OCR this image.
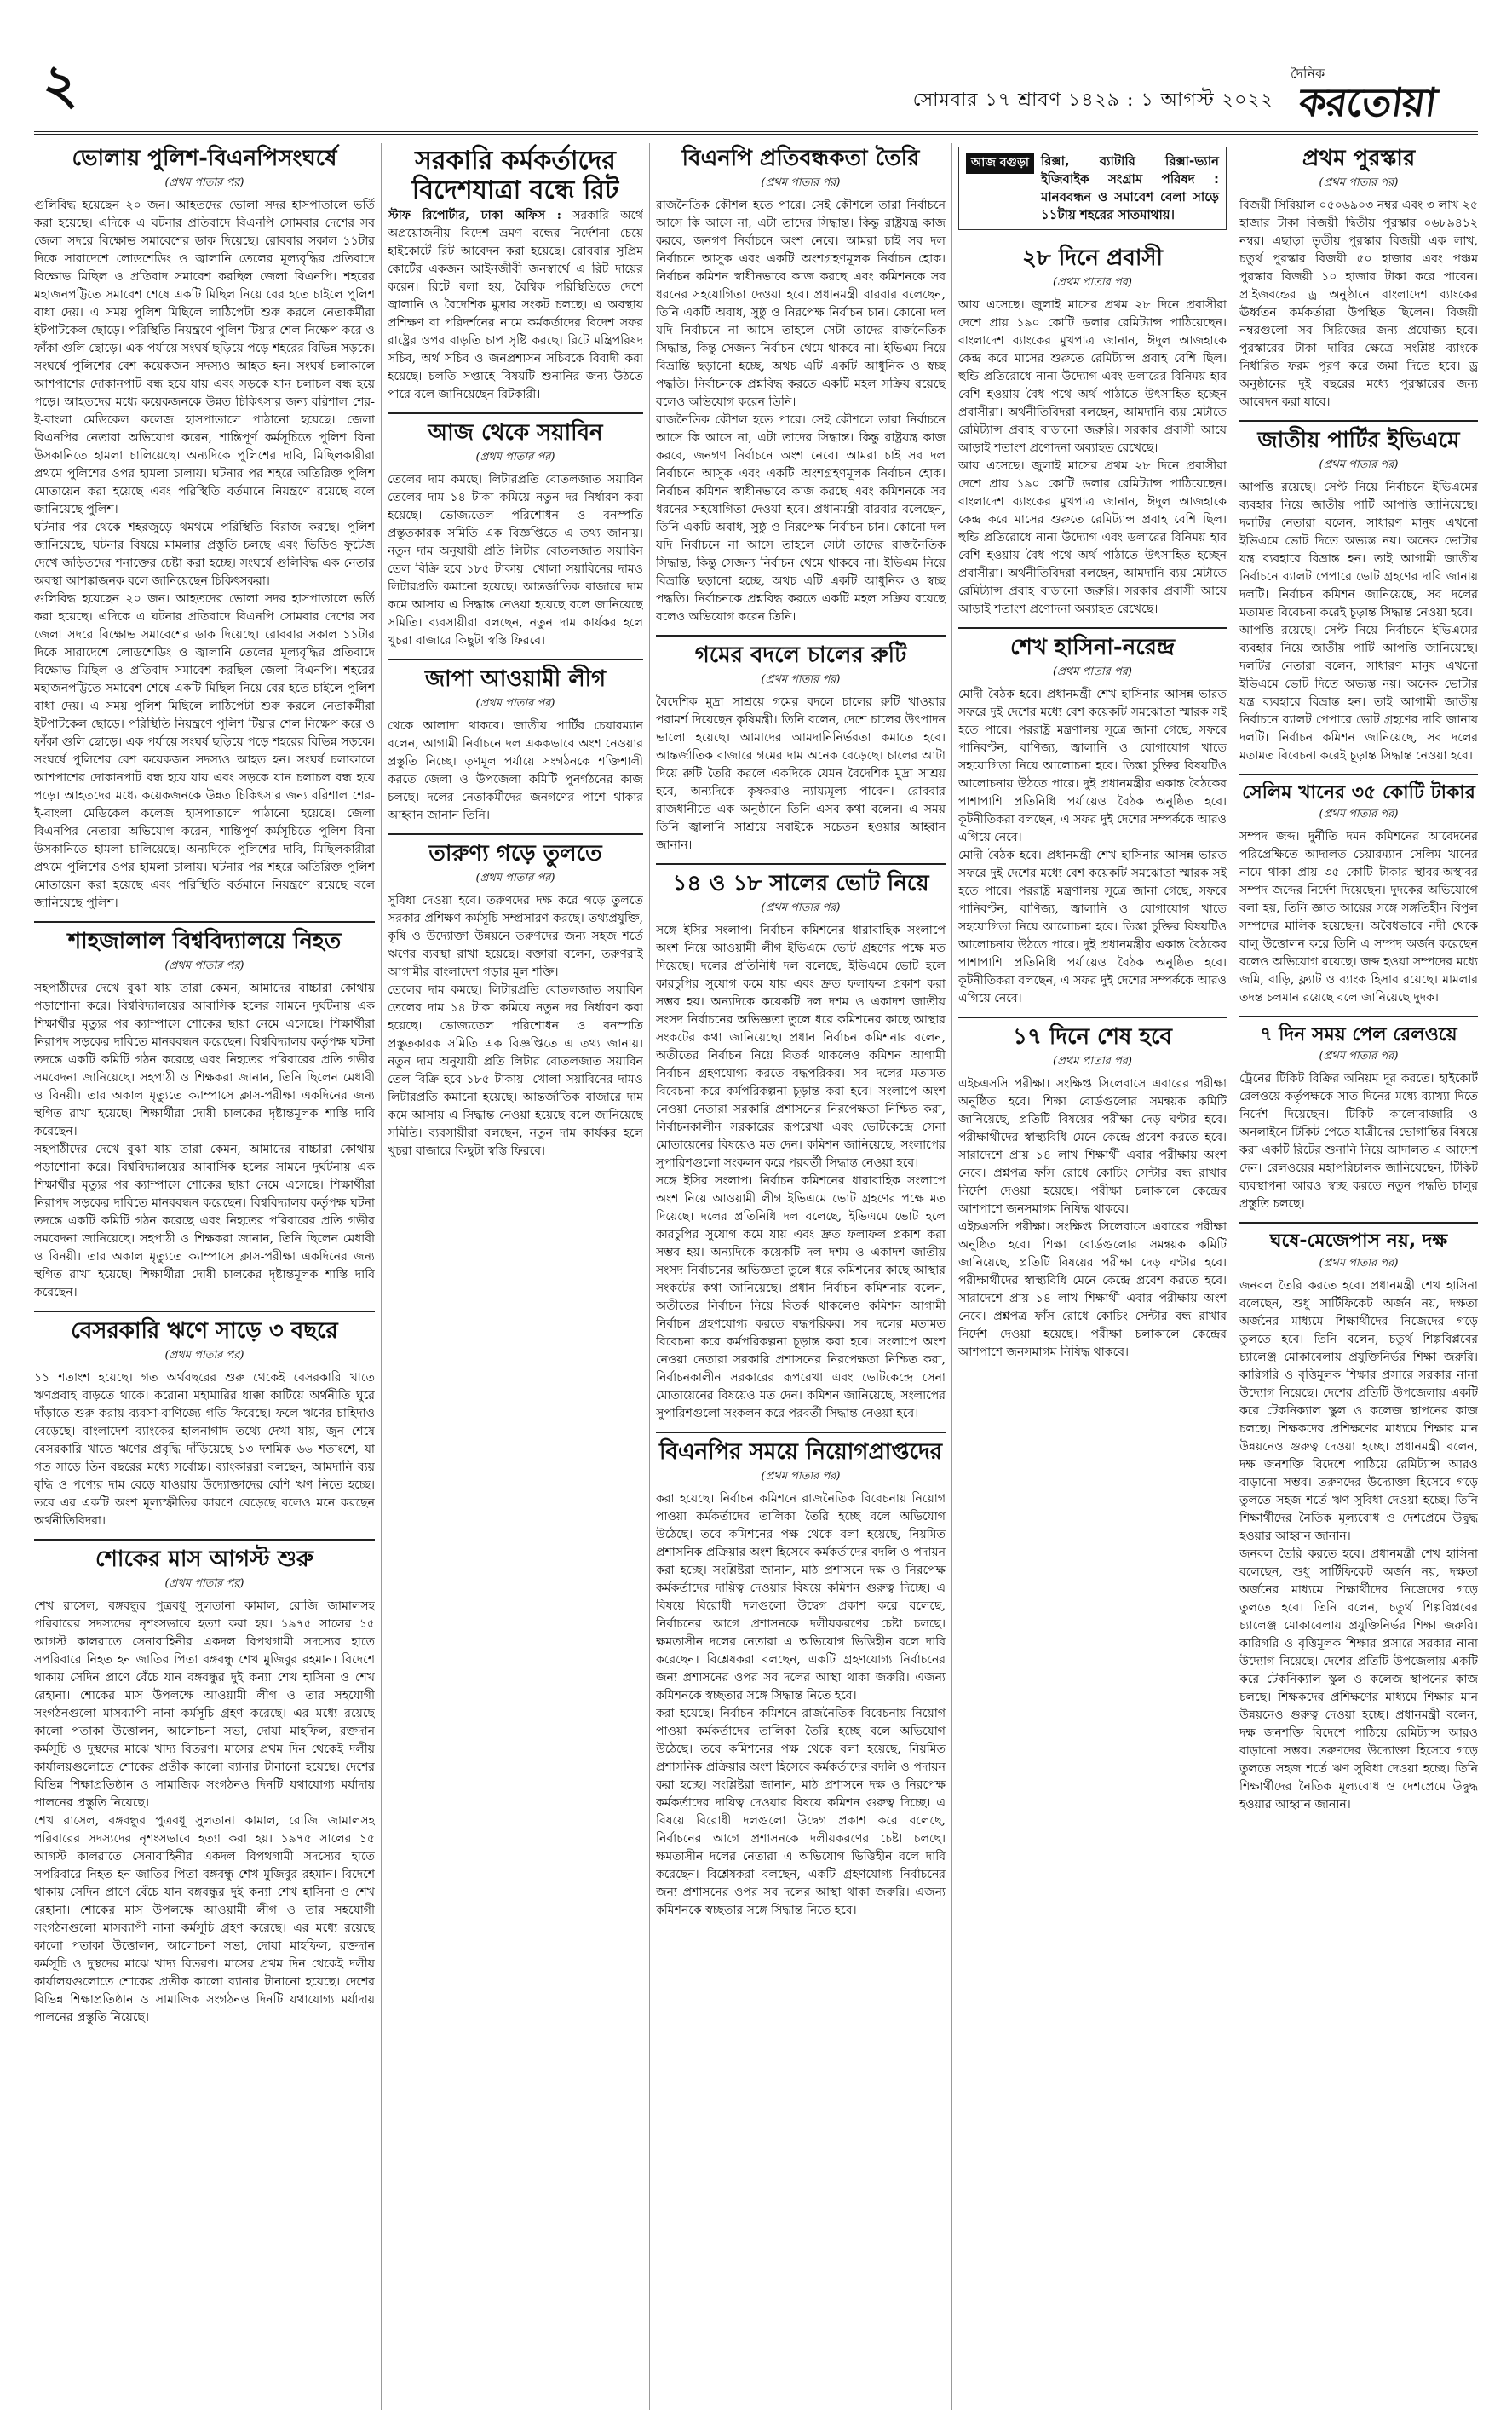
২	সোমবার ১৭ শ্রাবণ ১৪২৯ : ১ আগস্ট ২০২২
দৈনিক
করতোয়া
ভোলায় পুলিশ-বিএনপিসংঘর্ষে
(প্রথম পাতার পর)

গুলিবিদ্ধ হয়েছেন ২০ জন। আহতদের ভোলা সদর হাসপাতালে ভর্তি করা হয়েছে। এদিকে এ ঘটনার প্রতিবাদে বিএনপি সোমবার দেশের সব জেলা সদরে বিক্ষোভ সমাবেশের ডাক দিয়েছে। রোববার সকাল ১১টার দিকে সারাদেশে লোডশেডিং ও জ্বালানি তেলের মূল্যবৃদ্ধির প্রতিবাদে বিক্ষোভ মিছিল ও প্রতিবাদ সমাবেশ করছিল জেলা বিএনপি। শহরের মহাজনপট্টিতে সমাবেশ শেষে একটি মিছিল নিয়ে বের হতে চাইলে পুলিশ বাধা দেয়। এ সময় পুলিশ মিছিলে লাঠিপেটা শুরু করলে নেতাকর্মীরা ইটপাটকেল ছোড়ে। পরিস্থিতি নিয়ন্ত্রণে পুলিশ টিয়ার শেল নিক্ষেপ করে ও ফাঁকা গুলি ছোড়ে। এক পর্যায়ে সংঘর্ষ ছড়িয়ে পড়ে শহরের বিভিন্ন সড়কে। সংঘর্ষে পুলিশের বেশ কয়েকজন সদস্যও আহত হন। সংঘর্ষ চলাকালে আশপাশের দোকানপাট বন্ধ হয়ে যায় এবং সড়কে যান চলাচল বন্ধ হয়ে পড়ে। আহতদের মধ্যে কয়েকজনকে উন্নত চিকিৎসার জন্য বরিশাল শের-ই-বাংলা মেডিকেল কলেজ হাসপাতালে পাঠানো হয়েছে। জেলা বিএনপির নেতারা অভিযোগ করেন, শান্তিপূর্ণ কর্মসূচিতে পুলিশ বিনা উসকানিতে হামলা চালিয়েছে। অন্যদিকে পুলিশের দাবি, মিছিলকারীরা প্রথমে পুলিশের ওপর হামলা চালায়। ঘটনার পর শহরে অতিরিক্ত পুলিশ মোতায়েন করা হয়েছে এবং পরিস্থিতি বর্তমানে নিয়ন্ত্রণে রয়েছে বলে জানিয়েছে পুলিশ।

ঘটনার পর থেকে শহরজুড়ে থমথমে পরিস্থিতি বিরাজ করছে। পুলিশ জানিয়েছে, ঘটনার বিষয়ে মামলার প্রস্তুতি চলছে এবং ভিডিও ফুটেজ দেখে জড়িতদের শনাক্তের চেষ্টা করা হচ্ছে। সংঘর্ষে গুলিবিদ্ধ এক নেতার অবস্থা আশঙ্কাজনক বলে জানিয়েছেন চিকিৎসকরা।

গুলিবিদ্ধ হয়েছেন ২০ জন। আহতদের ভোলা সদর হাসপাতালে ভর্তি করা হয়েছে। এদিকে এ ঘটনার প্রতিবাদে বিএনপি সোমবার দেশের সব জেলা সদরে বিক্ষোভ সমাবেশের ডাক দিয়েছে। রোববার সকাল ১১টার দিকে সারাদেশে লোডশেডিং ও জ্বালানি তেলের মূল্যবৃদ্ধির প্রতিবাদে বিক্ষোভ মিছিল ও প্রতিবাদ সমাবেশ করছিল জেলা বিএনপি। শহরের মহাজনপট্টিতে সমাবেশ শেষে একটি মিছিল নিয়ে বের হতে চাইলে পুলিশ বাধা দেয়। এ সময় পুলিশ মিছিলে লাঠিপেটা শুরু করলে নেতাকর্মীরা ইটপাটকেল ছোড়ে। পরিস্থিতি নিয়ন্ত্রণে পুলিশ টিয়ার শেল নিক্ষেপ করে ও ফাঁকা গুলি ছোড়ে। এক পর্যায়ে সংঘর্ষ ছড়িয়ে পড়ে শহরের বিভিন্ন সড়কে। সংঘর্ষে পুলিশের বেশ কয়েকজন সদস্যও আহত হন। সংঘর্ষ চলাকালে আশপাশের দোকানপাট বন্ধ হয়ে যায় এবং সড়কে যান চলাচল বন্ধ হয়ে পড়ে। আহতদের মধ্যে কয়েকজনকে উন্নত চিকিৎসার জন্য বরিশাল শের-ই-বাংলা মেডিকেল কলেজ হাসপাতালে পাঠানো হয়েছে। জেলা বিএনপির নেতারা অভিযোগ করেন, শান্তিপূর্ণ কর্মসূচিতে পুলিশ বিনা উসকানিতে হামলা চালিয়েছে। অন্যদিকে পুলিশের দাবি, মিছিলকারীরা প্রথমে পুলিশের ওপর হামলা চালায়। ঘটনার পর শহরে অতিরিক্ত পুলিশ মোতায়েন করা হয়েছে এবং পরিস্থিতি বর্তমানে নিয়ন্ত্রণে রয়েছে বলে জানিয়েছে পুলিশ।

শাহজালাল বিশ্ববিদ্যালয়ে নিহত
(প্রথম পাতার পর)

সহপাঠীদের দেখে বুঝা যায় তারা কেমন, আমাদের বাচ্চারা কোথায় পড়াশোনা করে। বিশ্ববিদ্যালয়ের আবাসিক হলের সামনে দুর্ঘটনায় এক শিক্ষার্থীর মৃত্যুর পর ক্যাম্পাসে শোকের ছায়া নেমে এসেছে। শিক্ষার্থীরা নিরাপদ সড়কের দাবিতে মানববন্ধন করেছেন। বিশ্ববিদ্যালয় কর্তৃপক্ষ ঘটনা তদন্তে একটি কমিটি গঠন করেছে এবং নিহতের পরিবারের প্রতি গভীর সমবেদনা জানিয়েছে। সহপাঠী ও শিক্ষকরা জানান, তিনি ছিলেন মেধাবী ও বিনয়ী। তার অকাল মৃত্যুতে ক্যাম্পাসে ক্লাস-পরীক্ষা একদিনের জন্য স্থগিত রাখা হয়েছে। শিক্ষার্থীরা দোষী চালকের দৃষ্টান্তমূলক শাস্তি দাবি করেছেন।

সহপাঠীদের দেখে বুঝা যায় তারা কেমন, আমাদের বাচ্চারা কোথায় পড়াশোনা করে। বিশ্ববিদ্যালয়ের আবাসিক হলের সামনে দুর্ঘটনায় এক শিক্ষার্থীর মৃত্যুর পর ক্যাম্পাসে শোকের ছায়া নেমে এসেছে। শিক্ষার্থীরা নিরাপদ সড়কের দাবিতে মানববন্ধন করেছেন। বিশ্ববিদ্যালয় কর্তৃপক্ষ ঘটনা তদন্তে একটি কমিটি গঠন করেছে এবং নিহতের পরিবারের প্রতি গভীর সমবেদনা জানিয়েছে। সহপাঠী ও শিক্ষকরা জানান, তিনি ছিলেন মেধাবী ও বিনয়ী। তার অকাল মৃত্যুতে ক্যাম্পাসে ক্লাস-পরীক্ষা একদিনের জন্য স্থগিত রাখা হয়েছে। শিক্ষার্থীরা দোষী চালকের দৃষ্টান্তমূলক শাস্তি দাবি করেছেন।

বেসরকারি ঋণে সাড়ে ৩ বছরে
(প্রথম পাতার পর)

১১ শতাংশ হয়েছে। গত অর্থবছরের শুরু থেকেই বেসরকারি খাতে ঋণপ্রবাহ বাড়তে থাকে। করোনা মহামারির ধাক্কা কাটিয়ে অর্থনীতি ঘুরে দাঁড়াতে শুরু করায় ব্যবসা-বাণিজ্যে গতি ফিরেছে। ফলে ঋণের চাহিদাও বেড়েছে। বাংলাদেশ ব্যাংকের হালনাগাদ তথ্যে দেখা যায়, জুন শেষে বেসরকারি খাতে ঋণের প্রবৃদ্ধি দাঁড়িয়েছে ১৩ দশমিক ৬৬ শতাংশে, যা গত সাড়ে তিন বছরের মধ্যে সর্বোচ্চ। ব্যাংকাররা বলছেন, আমদানি ব্যয় বৃদ্ধি ও পণ্যের দাম বেড়ে যাওয়ায় উদ্যোক্তাদের বেশি ঋণ নিতে হচ্ছে। তবে এর একটি অংশ মূল্যস্ফীতির কারণে বেড়েছে বলেও মনে করছেন অর্থনীতিবিদরা।

শোকের মাস আগস্ট শুরু
(প্রথম পাতার পর)

শেখ রাসেল, বঙ্গবন্ধুর পুত্রবধূ সুলতানা কামাল, রোজি জামালসহ পরিবারের সদস্যদের নৃশংসভাবে হত্যা করা হয়। ১৯৭৫ সালের ১৫ আগস্ট কালরাতে সেনাবাহিনীর একদল বিপথগামী সদস্যের হাতে সপরিবারে নিহত হন জাতির পিতা বঙ্গবন্ধু শেখ মুজিবুর রহমান। বিদেশে থাকায় সেদিন প্রাণে বেঁচে যান বঙ্গবন্ধুর দুই কন্যা শেখ হাসিনা ও শেখ রেহানা। শোকের মাস উপলক্ষে আওয়ামী লীগ ও তার সহযোগী সংগঠনগুলো মাসব্যাপী নানা কর্মসূচি গ্রহণ করেছে। এর মধ্যে রয়েছে কালো পতাকা উত্তোলন, আলোচনা সভা, দোয়া মাহফিল, রক্তদান কর্মসূচি ও দুস্থদের মাঝে খাদ্য বিতরণ। মাসের প্রথম দিন থেকেই দলীয় কার্যালয়গুলোতে শোকের প্রতীক কালো ব্যানার টানানো হয়েছে। দেশের বিভিন্ন শিক্ষাপ্রতিষ্ঠান ও সামাজিক সংগঠনও দিনটি যথাযোগ্য মর্যাদায় পালনের প্রস্তুতি নিয়েছে।

শেখ রাসেল, বঙ্গবন্ধুর পুত্রবধূ সুলতানা কামাল, রোজি জামালসহ পরিবারের সদস্যদের নৃশংসভাবে হত্যা করা হয়। ১৯৭৫ সালের ১৫ আগস্ট কালরাতে সেনাবাহিনীর একদল বিপথগামী সদস্যের হাতে সপরিবারে নিহত হন জাতির পিতা বঙ্গবন্ধু শেখ মুজিবুর রহমান। বিদেশে থাকায় সেদিন প্রাণে বেঁচে যান বঙ্গবন্ধুর দুই কন্যা শেখ হাসিনা ও শেখ রেহানা। শোকের মাস উপলক্ষে আওয়ামী লীগ ও তার সহযোগী সংগঠনগুলো মাসব্যাপী নানা কর্মসূচি গ্রহণ করেছে। এর মধ্যে রয়েছে কালো পতাকা উত্তোলন, আলোচনা সভা, দোয়া মাহফিল, রক্তদান কর্মসূচি ও দুস্থদের মাঝে খাদ্য বিতরণ। মাসের প্রথম দিন থেকেই দলীয় কার্যালয়গুলোতে শোকের প্রতীক কালো ব্যানার টানানো হয়েছে। দেশের বিভিন্ন শিক্ষাপ্রতিষ্ঠান ও সামাজিক সংগঠনও দিনটি যথাযোগ্য মর্যাদায় পালনের প্রস্তুতি নিয়েছে।

সরকারি কর্মকর্তাদের বিদেশযাত্রা বন্ধে রিট

স্টাফ রিপোর্টার, ঢাকা অফিস : সরকারি অর্থে অপ্রয়োজনীয় বিদেশ ভ্রমণ বন্ধের নির্দেশনা চেয়ে হাইকোর্টে রিট আবেদন করা হয়েছে। রোববার সুপ্রিম কোর্টের একজন আইনজীবী জনস্বার্থে এ রিট দায়ের করেন। রিটে বলা হয়, বৈশ্বিক পরিস্থিতিতে দেশে জ্বালানি ও বৈদেশিক মুদ্রার সংকট চলছে। এ অবস্থায় প্রশিক্ষণ বা পরিদর্শনের নামে কর্মকর্তাদের বিদেশ সফর রাষ্ট্রের ওপর বাড়তি চাপ সৃষ্টি করছে। রিটে মন্ত্রিপরিষদ সচিব, অর্থ সচিব ও জনপ্রশাসন সচিবকে বিবাদী করা হয়েছে। চলতি সপ্তাহে বিষয়টি শুনানির জন্য উঠতে পারে বলে জানিয়েছেন রিটকারী।

আজ থেকে সয়াবিন
(প্রথম পাতার পর)

তেলের দাম কমছে। লিটারপ্রতি বোতলজাত সয়াবিন তেলের দাম ১৪ টাকা কমিয়ে নতুন দর নির্ধারণ করা হয়েছে। ভোজ্যতেল পরিশোধন ও বনস্পতি প্রস্তুতকারক সমিতি এক বিজ্ঞপ্তিতে এ তথ্য জানায়। নতুন দাম অনুযায়ী প্রতি লিটার বোতলজাত সয়াবিন তেল বিক্রি হবে ১৮৫ টাকায়। খোলা সয়াবিনের দামও লিটারপ্রতি কমানো হয়েছে। আন্তর্জাতিক বাজারে দাম কমে আসায় এ সিদ্ধান্ত নেওয়া হয়েছে বলে জানিয়েছে সমিতি। ব্যবসায়ীরা বলছেন, নতুন দাম কার্যকর হলে খুচরা বাজারে কিছুটা স্বস্তি ফিরবে।

জাপা আওয়ামী লীগ
(প্রথম পাতার পর)

থেকে আলাদা থাকবে। জাতীয় পার্টির চেয়ারম্যান বলেন, আগামী নির্বাচনে দল এককভাবে অংশ নেওয়ার প্রস্তুতি নিচ্ছে। তৃণমূল পর্যায়ে সংগঠনকে শক্তিশালী করতে জেলা ও উপজেলা কমিটি পুনর্গঠনের কাজ চলছে। দলের নেতাকর্মীদের জনগণের পাশে থাকার আহ্বান জানান তিনি।

তারুণ্য গড়ে তুলতে
(প্রথম পাতার পর)

সুবিধা দেওয়া হবে। তরুণদের দক্ষ করে গড়ে তুলতে সরকার প্রশিক্ষণ কর্মসূচি সম্প্রসারণ করছে। তথ্যপ্রযুক্তি, কৃষি ও উদ্যোক্তা উন্নয়নে তরুণদের জন্য সহজ শর্তে ঋণের ব্যবস্থা রাখা হয়েছে। বক্তারা বলেন, তরুণরাই আগামীর বাংলাদেশ গড়ার মূল শক্তি।

তেলের দাম কমছে। লিটারপ্রতি বোতলজাত সয়াবিন তেলের দাম ১৪ টাকা কমিয়ে নতুন দর নির্ধারণ করা হয়েছে। ভোজ্যতেল পরিশোধন ও বনস্পতি প্রস্তুতকারক সমিতি এক বিজ্ঞপ্তিতে এ তথ্য জানায়। নতুন দাম অনুযায়ী প্রতি লিটার বোতলজাত সয়াবিন তেল বিক্রি হবে ১৮৫ টাকায়। খোলা সয়াবিনের দামও লিটারপ্রতি কমানো হয়েছে। আন্তর্জাতিক বাজারে দাম কমে আসায় এ সিদ্ধান্ত নেওয়া হয়েছে বলে জানিয়েছে সমিতি। ব্যবসায়ীরা বলছেন, নতুন দাম কার্যকর হলে খুচরা বাজারে কিছুটা স্বস্তি ফিরবে।

বিএনপি প্রতিবন্ধকতা তৈরি
(প্রথম পাতার পর)

রাজনৈতিক কৌশল হতে পারে। সেই কৌশলে তারা নির্বাচনে আসে কি আসে না, এটা তাদের সিদ্ধান্ত। কিন্তু রাষ্ট্রযন্ত্র কাজ করবে, জনগণ নির্বাচনে অংশ নেবে। আমরা চাই সব দল নির্বাচনে আসুক এবং একটি অংশগ্রহণমূলক নির্বাচন হোক। নির্বাচন কমিশন স্বাধীনভাবে কাজ করছে এবং কমিশনকে সব ধরনের সহযোগিতা দেওয়া হবে। প্রধানমন্ত্রী বারবার বলেছেন, তিনি একটি অবাধ, সুষ্ঠু ও নিরপেক্ষ নির্বাচন চান। কোনো দল যদি নির্বাচনে না আসে তাহলে সেটা তাদের রাজনৈতিক সিদ্ধান্ত, কিন্তু সেজন্য নির্বাচন থেমে থাকবে না। ইভিএম নিয়ে বিভ্রান্তি ছড়ানো হচ্ছে, অথচ এটি একটি আধুনিক ও স্বচ্ছ পদ্ধতি। নির্বাচনকে প্রশ্নবিদ্ধ করতে একটি মহল সক্রিয় রয়েছে বলেও অভিযোগ করেন তিনি।

রাজনৈতিক কৌশল হতে পারে। সেই কৌশলে তারা নির্বাচনে আসে কি আসে না, এটা তাদের সিদ্ধান্ত। কিন্তু রাষ্ট্রযন্ত্র কাজ করবে, জনগণ নির্বাচনে অংশ নেবে। আমরা চাই সব দল নির্বাচনে আসুক এবং একটি অংশগ্রহণমূলক নির্বাচন হোক। নির্বাচন কমিশন স্বাধীনভাবে কাজ করছে এবং কমিশনকে সব ধরনের সহযোগিতা দেওয়া হবে। প্রধানমন্ত্রী বারবার বলেছেন, তিনি একটি অবাধ, সুষ্ঠু ও নিরপেক্ষ নির্বাচন চান। কোনো দল যদি নির্বাচনে না আসে তাহলে সেটা তাদের রাজনৈতিক সিদ্ধান্ত, কিন্তু সেজন্য নির্বাচন থেমে থাকবে না। ইভিএম নিয়ে বিভ্রান্তি ছড়ানো হচ্ছে, অথচ এটি একটি আধুনিক ও স্বচ্ছ পদ্ধতি। নির্বাচনকে প্রশ্নবিদ্ধ করতে একটি মহল সক্রিয় রয়েছে বলেও অভিযোগ করেন তিনি।

গমের বদলে চালের রুটি
(প্রথম পাতার পর)

বৈদেশিক মুদ্রা সাশ্রয়ে গমের বদলে চালের রুটি খাওয়ার পরামর্শ দিয়েছেন কৃষিমন্ত্রী। তিনি বলেন, দেশে চালের উৎপাদন ভালো হয়েছে। আমাদের আমদানিনির্ভরতা কমাতে হবে। আন্তর্জাতিক বাজারে গমের দাম অনেক বেড়েছে। চালের আটা দিয়ে রুটি তৈরি করলে একদিকে যেমন বৈদেশিক মুদ্রা সাশ্রয় হবে, অন্যদিকে কৃষকরাও ন্যায্যমূল্য পাবেন। রোববার রাজধানীতে এক অনুষ্ঠানে তিনি এসব কথা বলেন। এ সময় তিনি জ্বালানি সাশ্রয়ে সবাইকে সচেতন হওয়ার আহ্বান জানান।

১৪ ও ১৮ সালের ভোট নিয়ে
(প্রথম পাতার পর)

সঙ্গে ইসির সংলাপ। নির্বাচন কমিশনের ধারাবাহিক সংলাপে অংশ নিয়ে আওয়ামী লীগ ইভিএমে ভোট গ্রহণের পক্ষে মত দিয়েছে। দলের প্রতিনিধি দল বলেছে, ইভিএমে ভোট হলে কারচুপির সুযোগ কমে যায় এবং দ্রুত ফলাফল প্রকাশ করা সম্ভব হয়। অন্যদিকে কয়েকটি দল দশম ও একাদশ জাতীয় সংসদ নির্বাচনের অভিজ্ঞতা তুলে ধরে কমিশনের কাছে আস্থার সংকটের কথা জানিয়েছে। প্রধান নির্বাচন কমিশনার বলেন, অতীতের নির্বাচন নিয়ে বিতর্ক থাকলেও কমিশন আগামী নির্বাচন গ্রহণযোগ্য করতে বদ্ধপরিকর। সব দলের মতামত বিবেচনা করে কর্মপরিকল্পনা চূড়ান্ত করা হবে। সংলাপে অংশ নেওয়া নেতারা সরকারি প্রশাসনের নিরপেক্ষতা নিশ্চিত করা, নির্বাচনকালীন সরকারের রূপরেখা এবং ভোটকেন্দ্রে সেনা মোতায়েনের বিষয়েও মত দেন। কমিশন জানিয়েছে, সংলাপের সুপারিশগুলো সংকলন করে পরবর্তী সিদ্ধান্ত নেওয়া হবে।

সঙ্গে ইসির সংলাপ। নির্বাচন কমিশনের ধারাবাহিক সংলাপে অংশ নিয়ে আওয়ামী লীগ ইভিএমে ভোট গ্রহণের পক্ষে মত দিয়েছে। দলের প্রতিনিধি দল বলেছে, ইভিএমে ভোট হলে কারচুপির সুযোগ কমে যায় এবং দ্রুত ফলাফল প্রকাশ করা সম্ভব হয়। অন্যদিকে কয়েকটি দল দশম ও একাদশ জাতীয় সংসদ নির্বাচনের অভিজ্ঞতা তুলে ধরে কমিশনের কাছে আস্থার সংকটের কথা জানিয়েছে। প্রধান নির্বাচন কমিশনার বলেন, অতীতের নির্বাচন নিয়ে বিতর্ক থাকলেও কমিশন আগামী নির্বাচন গ্রহণযোগ্য করতে বদ্ধপরিকর। সব দলের মতামত বিবেচনা করে কর্মপরিকল্পনা চূড়ান্ত করা হবে। সংলাপে অংশ নেওয়া নেতারা সরকারি প্রশাসনের নিরপেক্ষতা নিশ্চিত করা, নির্বাচনকালীন সরকারের রূপরেখা এবং ভোটকেন্দ্রে সেনা মোতায়েনের বিষয়েও মত দেন। কমিশন জানিয়েছে, সংলাপের সুপারিশগুলো সংকলন করে পরবর্তী সিদ্ধান্ত নেওয়া হবে।

বিএনপির সময়ে নিয়োগপ্রাপ্তদের
(প্রথম পাতার পর)

করা হয়েছে। নির্বাচন কমিশনে রাজনৈতিক বিবেচনায় নিয়োগ পাওয়া কর্মকর্তাদের তালিকা তৈরি হচ্ছে বলে অভিযোগ উঠেছে। তবে কমিশনের পক্ষ থেকে বলা হয়েছে, নিয়মিত প্রশাসনিক প্রক্রিয়ার অংশ হিসেবে কর্মকর্তাদের বদলি ও পদায়ন করা হচ্ছে। সংশ্লিষ্টরা জানান, মাঠ প্রশাসনে দক্ষ ও নিরপেক্ষ কর্মকর্তাদের দায়িত্ব দেওয়ার বিষয়ে কমিশন গুরুত্ব দিচ্ছে। এ বিষয়ে বিরোধী দলগুলো উদ্বেগ প্রকাশ করে বলেছে, নির্বাচনের আগে প্রশাসনকে দলীয়করণের চেষ্টা চলছে। ক্ষমতাসীন দলের নেতারা এ অভিযোগ ভিত্তিহীন বলে দাবি করেছেন। বিশ্লেষকরা বলছেন, একটি গ্রহণযোগ্য নির্বাচনের জন্য প্রশাসনের ওপর সব দলের আস্থা থাকা জরুরি। এজন্য কমিশনকে স্বচ্ছতার সঙ্গে সিদ্ধান্ত নিতে হবে।

করা হয়েছে। নির্বাচন কমিশনে রাজনৈতিক বিবেচনায় নিয়োগ পাওয়া কর্মকর্তাদের তালিকা তৈরি হচ্ছে বলে অভিযোগ উঠেছে। তবে কমিশনের পক্ষ থেকে বলা হয়েছে, নিয়মিত প্রশাসনিক প্রক্রিয়ার অংশ হিসেবে কর্মকর্তাদের বদলি ও পদায়ন করা হচ্ছে। সংশ্লিষ্টরা জানান, মাঠ প্রশাসনে দক্ষ ও নিরপেক্ষ কর্মকর্তাদের দায়িত্ব দেওয়ার বিষয়ে কমিশন গুরুত্ব দিচ্ছে। এ বিষয়ে বিরোধী দলগুলো উদ্বেগ প্রকাশ করে বলেছে, নির্বাচনের আগে প্রশাসনকে দলীয়করণের চেষ্টা চলছে। ক্ষমতাসীন দলের নেতারা এ অভিযোগ ভিত্তিহীন বলে দাবি করেছেন। বিশ্লেষকরা বলছেন, একটি গ্রহণযোগ্য নির্বাচনের জন্য প্রশাসনের ওপর সব দলের আস্থা থাকা জরুরি। এজন্য কমিশনকে স্বচ্ছতার সঙ্গে সিদ্ধান্ত নিতে হবে।

আজ বগুড়া রিক্সা, ব্যাটারি রিক্সা-ভ্যান ইজিবাইক সংগ্রাম পরিষদ : মানববন্ধন ও সমাবেশ বেলা সাড়ে ১১টায় শহরের সাতমাথায়।
২৮ দিনে প্রবাসী
(প্রথম পাতার পর)

আয় এসেছে। জুলাই মাসের প্রথম ২৮ দিনে প্রবাসীরা দেশে প্রায় ১৯০ কোটি ডলার রেমিট্যান্স পাঠিয়েছেন। বাংলাদেশ ব্যাংকের মুখপাত্র জানান, ঈদুল আজহাকে কেন্দ্র করে মাসের শুরুতে রেমিট্যান্স প্রবাহ বেশি ছিল। হুন্ডি প্রতিরোধে নানা উদ্যোগ এবং ডলারের বিনিময় হার বেশি হওয়ায় বৈধ পথে অর্থ পাঠাতে উৎসাহিত হচ্ছেন প্রবাসীরা। অর্থনীতিবিদরা বলছেন, আমদানি ব্যয় মেটাতে রেমিট্যান্স প্রবাহ বাড়ানো জরুরি। সরকার প্রবাসী আয়ে আড়াই শতাংশ প্রণোদনা অব্যাহত রেখেছে।

আয় এসেছে। জুলাই মাসের প্রথম ২৮ দিনে প্রবাসীরা দেশে প্রায় ১৯০ কোটি ডলার রেমিট্যান্স পাঠিয়েছেন। বাংলাদেশ ব্যাংকের মুখপাত্র জানান, ঈদুল আজহাকে কেন্দ্র করে মাসের শুরুতে রেমিট্যান্স প্রবাহ বেশি ছিল। হুন্ডি প্রতিরোধে নানা উদ্যোগ এবং ডলারের বিনিময় হার বেশি হওয়ায় বৈধ পথে অর্থ পাঠাতে উৎসাহিত হচ্ছেন প্রবাসীরা। অর্থনীতিবিদরা বলছেন, আমদানি ব্যয় মেটাতে রেমিট্যান্স প্রবাহ বাড়ানো জরুরি। সরকার প্রবাসী আয়ে আড়াই শতাংশ প্রণোদনা অব্যাহত রেখেছে।

শেখ হাসিনা-নরেন্দ্র
(প্রথম পাতার পর)

মোদী বৈঠক হবে। প্রধানমন্ত্রী শেখ হাসিনার আসন্ন ভারত সফরে দুই দেশের মধ্যে বেশ কয়েকটি সমঝোতা স্মারক সই হতে পারে। পররাষ্ট্র মন্ত্রণালয় সূত্রে জানা গেছে, সফরে পানিবণ্টন, বাণিজ্য, জ্বালানি ও যোগাযোগ খাতে সহযোগিতা নিয়ে আলোচনা হবে। তিস্তা চুক্তির বিষয়টিও আলোচনায় উঠতে পারে। দুই প্রধানমন্ত্রীর একান্ত বৈঠকের পাশাপাশি প্রতিনিধি পর্যায়েও বৈঠক অনুষ্ঠিত হবে। কূটনীতিকরা বলছেন, এ সফর দুই দেশের সম্পর্ককে আরও এগিয়ে নেবে।

মোদী বৈঠক হবে। প্রধানমন্ত্রী শেখ হাসিনার আসন্ন ভারত সফরে দুই দেশের মধ্যে বেশ কয়েকটি সমঝোতা স্মারক সই হতে পারে। পররাষ্ট্র মন্ত্রণালয় সূত্রে জানা গেছে, সফরে পানিবণ্টন, বাণিজ্য, জ্বালানি ও যোগাযোগ খাতে সহযোগিতা নিয়ে আলোচনা হবে। তিস্তা চুক্তির বিষয়টিও আলোচনায় উঠতে পারে। দুই প্রধানমন্ত্রীর একান্ত বৈঠকের পাশাপাশি প্রতিনিধি পর্যায়েও বৈঠক অনুষ্ঠিত হবে। কূটনীতিকরা বলছেন, এ সফর দুই দেশের সম্পর্ককে আরও এগিয়ে নেবে।

১৭ দিনে শেষ হবে
(প্রথম পাতার পর)

এইচএসসি পরীক্ষা। সংক্ষিপ্ত সিলেবাসে এবারের পরীক্ষা অনুষ্ঠিত হবে। শিক্ষা বোর্ডগুলোর সমন্বয়ক কমিটি জানিয়েছে, প্রতিটি বিষয়ের পরীক্ষা দেড় ঘণ্টার হবে। পরীক্ষার্থীদের স্বাস্থ্যবিধি মেনে কেন্দ্রে প্রবেশ করতে হবে। সারাদেশে প্রায় ১৪ লাখ শিক্ষার্থী এবার পরীক্ষায় অংশ নেবে। প্রশ্নপত্র ফাঁস রোধে কোচিং সেন্টার বন্ধ রাখার নির্দেশ দেওয়া হয়েছে। পরীক্ষা চলাকালে কেন্দ্রের আশপাশে জনসমাগম নিষিদ্ধ থাকবে।

এইচএসসি পরীক্ষা। সংক্ষিপ্ত সিলেবাসে এবারের পরীক্ষা অনুষ্ঠিত হবে। শিক্ষা বোর্ডগুলোর সমন্বয়ক কমিটি জানিয়েছে, প্রতিটি বিষয়ের পরীক্ষা দেড় ঘণ্টার হবে। পরীক্ষার্থীদের স্বাস্থ্যবিধি মেনে কেন্দ্রে প্রবেশ করতে হবে। সারাদেশে প্রায় ১৪ লাখ শিক্ষার্থী এবার পরীক্ষায় অংশ নেবে। প্রশ্নপত্র ফাঁস রোধে কোচিং সেন্টার বন্ধ রাখার নির্দেশ দেওয়া হয়েছে। পরীক্ষা চলাকালে কেন্দ্রের আশপাশে জনসমাগম নিষিদ্ধ থাকবে।

প্রথম পুরস্কার
(প্রথম পাতার পর)

বিজয়ী সিরিয়াল ০৫০৬৯০৩ নম্বর এবং ৩ লাখ ২৫ হাজার টাকা বিজয়ী দ্বিতীয় পুরস্কার ০৬৮৯৪১২ নম্বর। এছাড়া তৃতীয় পুরস্কার বিজয়ী এক লাখ, চতুর্থ পুরস্কার বিজয়ী ৫০ হাজার এবং পঞ্চম পুরস্কার বিজয়ী ১০ হাজার টাকা করে পাবেন। প্রাইজবন্ডের ড্র অনুষ্ঠানে বাংলাদেশ ব্যাংকের ঊর্ধ্বতন কর্মকর্তারা উপস্থিত ছিলেন। বিজয়ী নম্বরগুলো সব সিরিজের জন্য প্রযোজ্য হবে। পুরস্কারের টাকা দাবির ক্ষেত্রে সংশ্লিষ্ট ব্যাংকে নির্ধারিত ফরম পূরণ করে জমা দিতে হবে। ড্র অনুষ্ঠানের দুই বছরের মধ্যে পুরস্কারের জন্য আবেদন করা যাবে।

জাতীয় পার্টির ইভিএমে
(প্রথম পাতার পর)

আপত্তি রয়েছে। সেপ্ট নিয়ে নির্বাচনে ইভিএমের ব্যবহার নিয়ে জাতীয় পার্টি আপত্তি জানিয়েছে। দলটির নেতারা বলেন, সাধারণ মানুষ এখনো ইভিএমে ভোট দিতে অভ্যস্ত নয়। অনেক ভোটার যন্ত্র ব্যবহারে বিভ্রান্ত হন। তাই আগামী জাতীয় নির্বাচনে ব্যালট পেপারে ভোট গ্রহণের দাবি জানায় দলটি। নির্বাচন কমিশন জানিয়েছে, সব দলের মতামত বিবেচনা করেই চূড়ান্ত সিদ্ধান্ত নেওয়া হবে।

আপত্তি রয়েছে। সেপ্ট নিয়ে নির্বাচনে ইভিএমের ব্যবহার নিয়ে জাতীয় পার্টি আপত্তি জানিয়েছে। দলটির নেতারা বলেন, সাধারণ মানুষ এখনো ইভিএমে ভোট দিতে অভ্যস্ত নয়। অনেক ভোটার যন্ত্র ব্যবহারে বিভ্রান্ত হন। তাই আগামী জাতীয় নির্বাচনে ব্যালট পেপারে ভোট গ্রহণের দাবি জানায় দলটি। নির্বাচন কমিশন জানিয়েছে, সব দলের মতামত বিবেচনা করেই চূড়ান্ত সিদ্ধান্ত নেওয়া হবে।

সেলিম খানের ৩৫ কোটি টাকার
(প্রথম পাতার পর)

সম্পদ জব্দ। দুর্নীতি দমন কমিশনের আবেদনের পরিপ্রেক্ষিতে আদালত চেয়ারম্যান সেলিম খানের নামে থাকা প্রায় ৩৫ কোটি টাকার স্থাবর-অস্থাবর সম্পদ জব্দের নির্দেশ দিয়েছেন। দুদকের অভিযোগে বলা হয়, তিনি জ্ঞাত আয়ের সঙ্গে সঙ্গতিহীন বিপুল সম্পদের মালিক হয়েছেন। অবৈধভাবে নদী থেকে বালু উত্তোলন করে তিনি এ সম্পদ অর্জন করেছেন বলেও অভিযোগ রয়েছে। জব্দ হওয়া সম্পদের মধ্যে জমি, বাড়ি, ফ্ল্যাট ও ব্যাংক হিসাব রয়েছে। মামলার তদন্ত চলমান রয়েছে বলে জানিয়েছে দুদক।

৭ দিন সময় পেল রেলওয়ে
(প্রথম পাতার পর)

ট্রেনের টিকিট বিক্রির অনিয়ম দূর করতে। হাইকোর্ট রেলওয়ে কর্তৃপক্ষকে সাত দিনের মধ্যে ব্যাখ্যা দিতে নির্দেশ দিয়েছেন। টিকিট কালোবাজারি ও অনলাইনে টিকিট পেতে যাত্রীদের ভোগান্তির বিষয়ে করা একটি রিটের শুনানি নিয়ে আদালত এ আদেশ দেন। রেলওয়ের মহাপরিচালক জানিয়েছেন, টিকিট ব্যবস্থাপনা আরও স্বচ্ছ করতে নতুন পদ্ধতি চালুর প্রস্তুতি চলছে।

ঘষে-মেজেপাস নয়, দক্ষ
(প্রথম পাতার পর)

জনবল তৈরি করতে হবে। প্রধানমন্ত্রী শেখ হাসিনা বলেছেন, শুধু সার্টিফিকেট অর্জন নয়, দক্ষতা অর্জনের মাধ্যমে শিক্ষার্থীদের নিজেদের গড়ে তুলতে হবে। তিনি বলেন, চতুর্থ শিল্পবিপ্লবের চ্যালেঞ্জ মোকাবেলায় প্রযুক্তিনির্ভর শিক্ষা জরুরি। কারিগরি ও বৃত্তিমূলক শিক্ষার প্রসারে সরকার নানা উদ্যোগ নিয়েছে। দেশের প্রতিটি উপজেলায় একটি করে টেকনিক্যাল স্কুল ও কলেজ স্থাপনের কাজ চলছে। শিক্ষকদের প্রশিক্ষণের মাধ্যমে শিক্ষার মান উন্নয়নেও গুরুত্ব দেওয়া হচ্ছে। প্রধানমন্ত্রী বলেন, দক্ষ জনশক্তি বিদেশে পাঠিয়ে রেমিট্যান্স আরও বাড়ানো সম্ভব। তরুণদের উদ্যোক্তা হিসেবে গড়ে তুলতে সহজ শর্তে ঋণ সুবিধা দেওয়া হচ্ছে। তিনি শিক্ষার্থীদের নৈতিক মূল্যবোধ ও দেশপ্রেমে উদ্বুদ্ধ হওয়ার আহ্বান জানান।

জনবল তৈরি করতে হবে। প্রধানমন্ত্রী শেখ হাসিনা বলেছেন, শুধু সার্টিফিকেট অর্জন নয়, দক্ষতা অর্জনের মাধ্যমে শিক্ষার্থীদের নিজেদের গড়ে তুলতে হবে। তিনি বলেন, চতুর্থ শিল্পবিপ্লবের চ্যালেঞ্জ মোকাবেলায় প্রযুক্তিনির্ভর শিক্ষা জরুরি। কারিগরি ও বৃত্তিমূলক শিক্ষার প্রসারে সরকার নানা উদ্যোগ নিয়েছে। দেশের প্রতিটি উপজেলায় একটি করে টেকনিক্যাল স্কুল ও কলেজ স্থাপনের কাজ চলছে। শিক্ষকদের প্রশিক্ষণের মাধ্যমে শিক্ষার মান উন্নয়নেও গুরুত্ব দেওয়া হচ্ছে। প্রধানমন্ত্রী বলেন, দক্ষ জনশক্তি বিদেশে পাঠিয়ে রেমিট্যান্স আরও বাড়ানো সম্ভব। তরুণদের উদ্যোক্তা হিসেবে গড়ে তুলতে সহজ শর্তে ঋণ সুবিধা দেওয়া হচ্ছে। তিনি শিক্ষার্থীদের নৈতিক মূল্যবোধ ও দেশপ্রেমে উদ্বুদ্ধ হওয়ার আহ্বান জানান।
